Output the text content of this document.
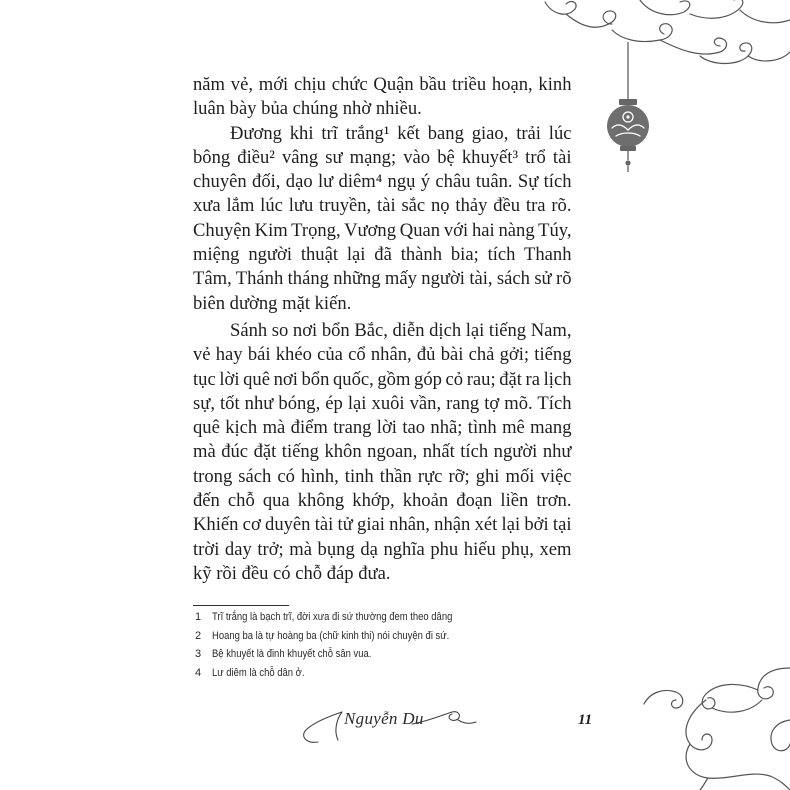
năm vẻ, mới chịu chức Quận bầu triều hoạn, kinh
luân bày bủa chúng nhờ nhiều.
Đương khi trĩ trắng¹ kết bang giao, trải lúc
bông điều² vâng sư mạng; vào bệ khuyết³ trổ tài
chuyên đối, dạo lư diêm⁴ ngụ ý châu tuân. Sự tích
xưa lắm lúc lưu truyền, tài sắc nọ thảy đều tra rõ.
Chuyện Kim Trọng, Vương Quan với hai nàng Túy,
miệng người thuật lại đã thành bia; tích Thanh
Tâm, Thánh tháng những mấy người tài, sách sử rõ
biên dường mặt kiến.
Sánh so nơi bổn Bắc, diễn dịch lại tiếng Nam,
vẻ hay bái khéo của cổ nhân, đủ bài chả gởi; tiếng
tục lời quê nơi bổn quốc, gồm góp cỏ rau; đặt ra lịch
sự, tốt như bóng, ép lại xuôi vần, rang tợ mõ. Tích
quê kịch mà điểm trang lời tao nhã; tình mê mang
mà đúc đặt tiếng khôn ngoan, nhất tích người như
trong sách có hình, tinh thần rực rỡ; ghi mối việc
đến chỗ qua không khớp, khoản đoạn liền trơn.
Khiến cơ duyên tài tử giai nhân, nhận xét lại bởi tại
trời day trở; mà bụng dạ nghĩa phu hiếu phụ, xem
kỹ rồi đều có chỗ đáp đưa.
1 Trĩ trắng là bạch trĩ, đời xưa đi sứ thường đem theo dâng
2 Hoang ba là tự hoàng ba (chữ kinh thi) nói chuyện đi sứ.
3 Bệ khuyết là đinh khuyết chỗ sân vua.
4 Lư diêm là chỗ dân ở.
Nguyễn Du	11
